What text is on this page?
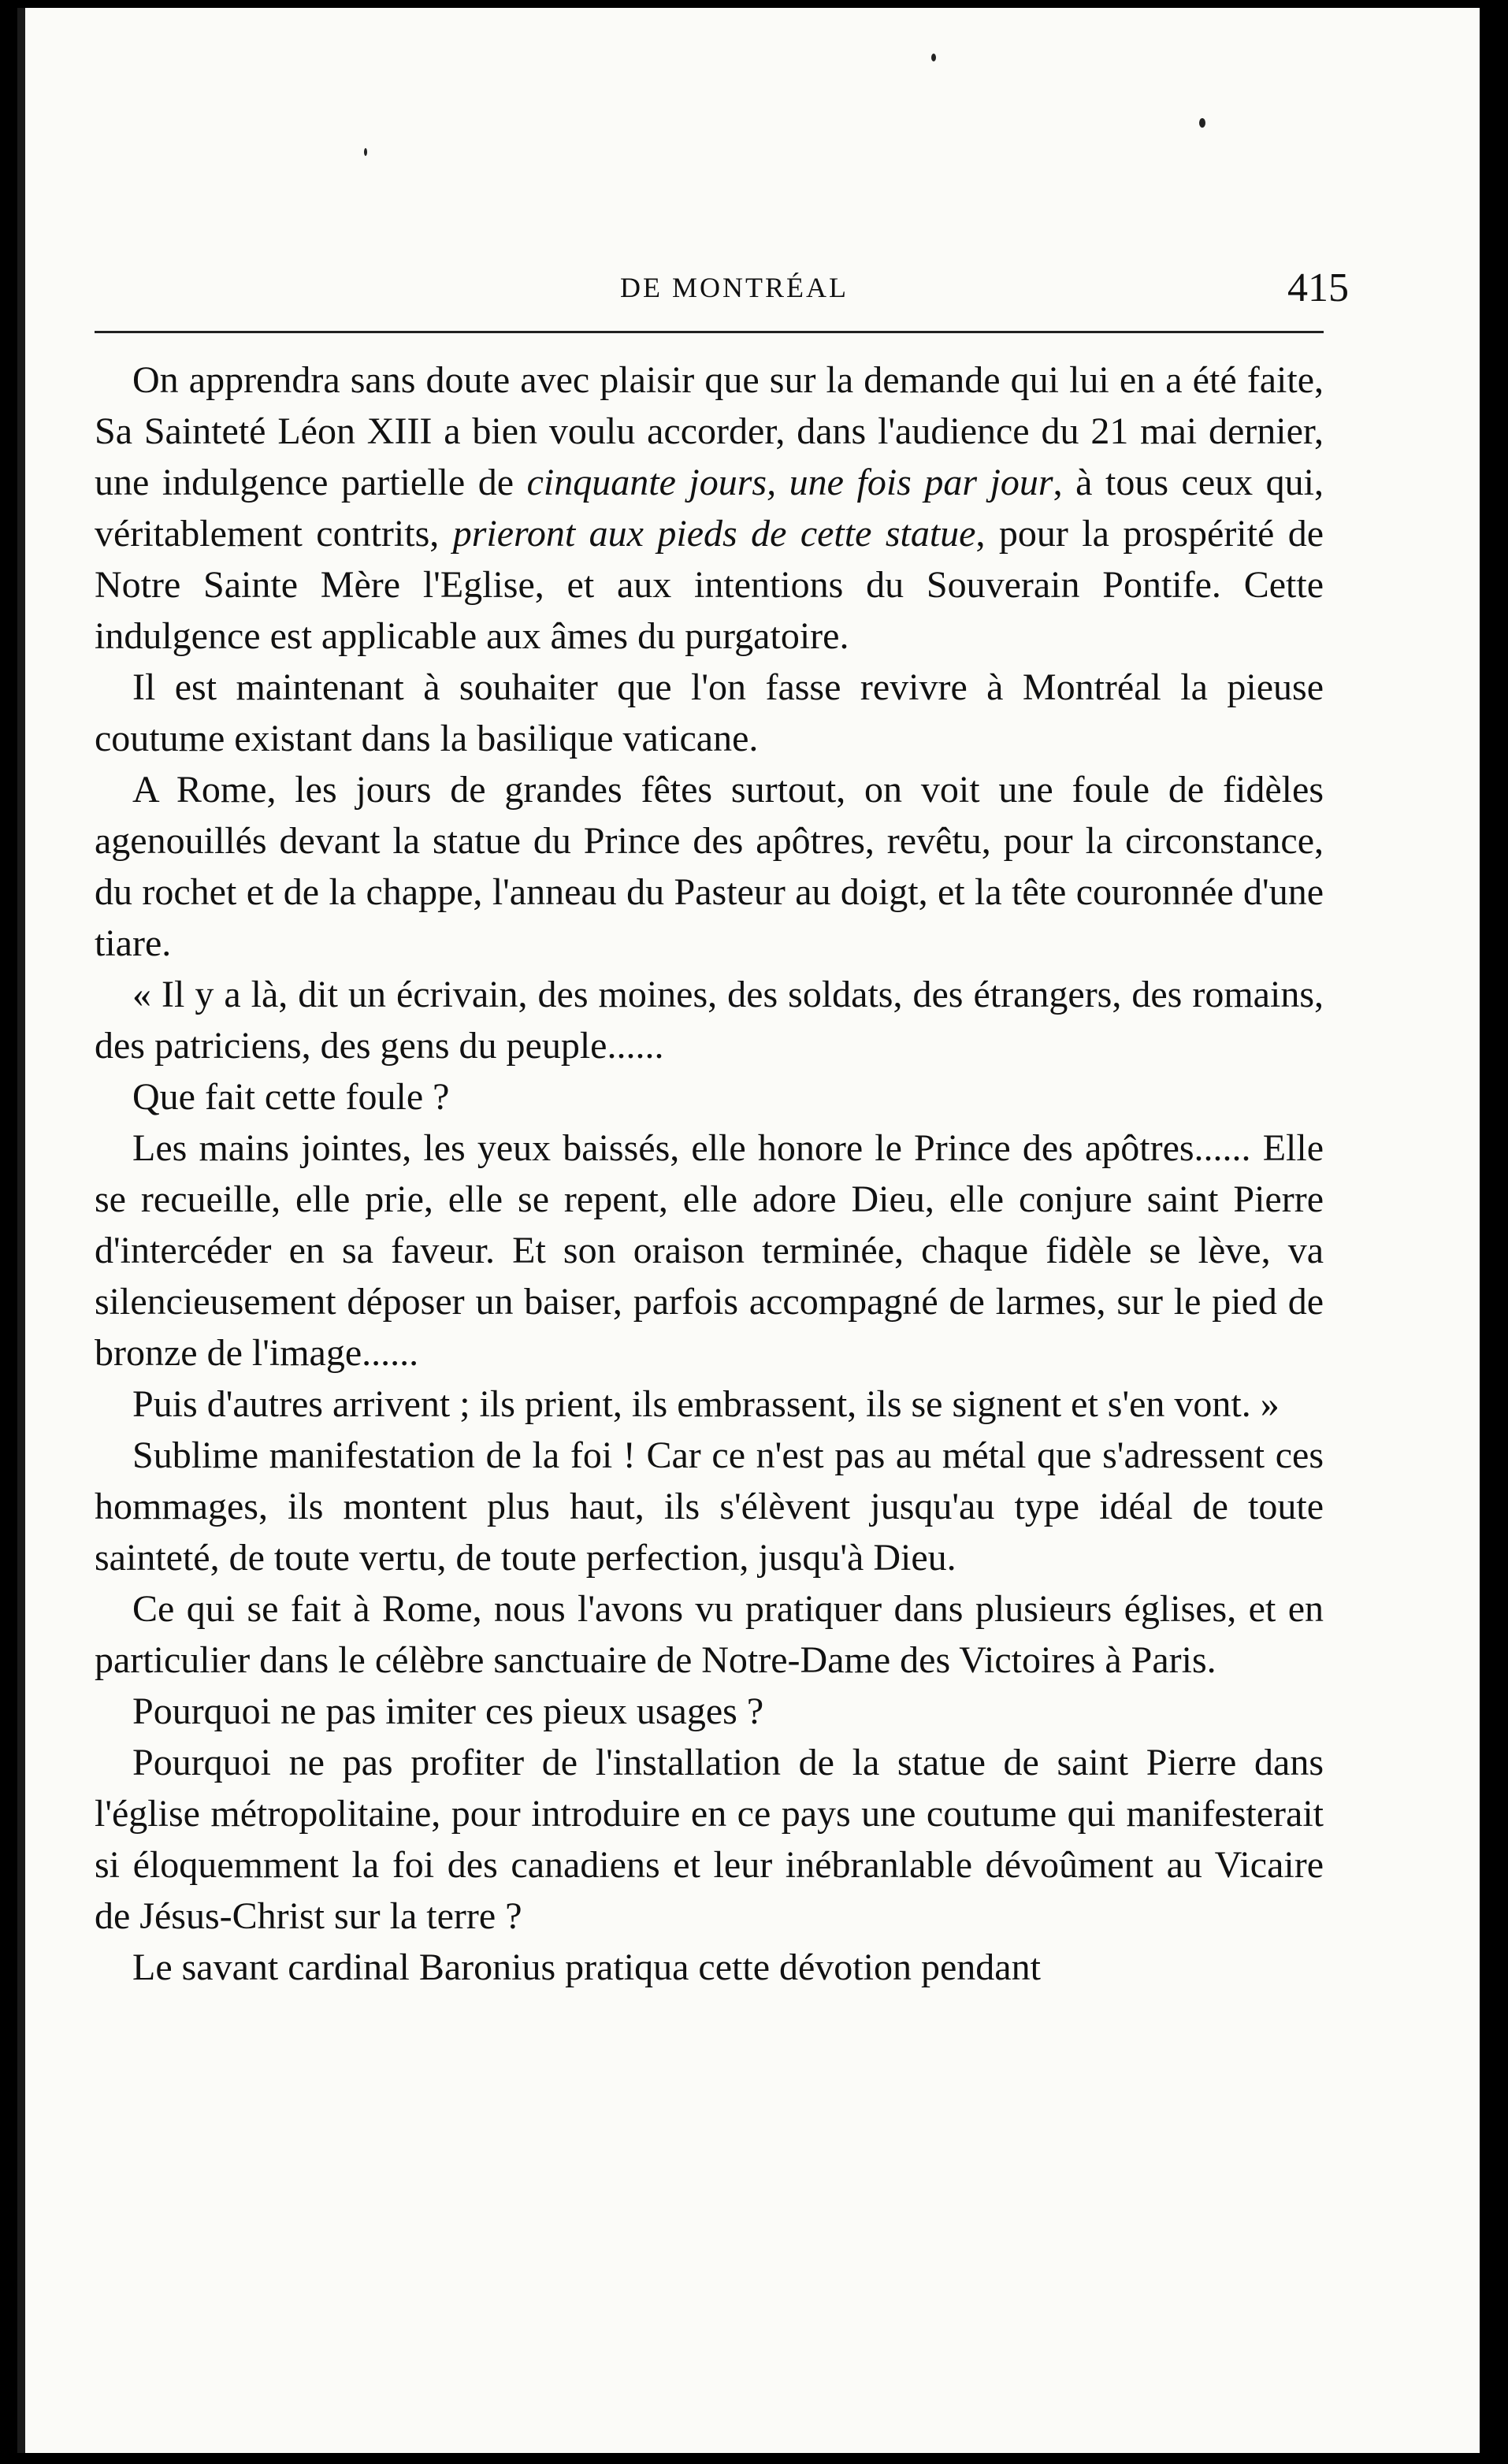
DE MONTRÉAL	415

On apprendra sans doute avec plaisir que sur la demande qui lui en a été faite, Sa Sainteté Léon XIII a bien voulu accorder, dans l'audience du 21 mai dernier, une indulgence partielle de cinquante jours, une fois par jour, à tous ceux qui, véritablement contrits, prieront aux pieds de cette statue, pour la prospérité de Notre Sainte Mère l'Eglise, et aux intentions du Souverain Pontife. Cette indulgence est applicable aux âmes du purgatoire.

Il est maintenant à souhaiter que l'on fasse revivre à Montréal la pieuse coutume existant dans la basilique vaticane.

A Rome, les jours de grandes fêtes surtout, on voit une foule de fidèles agenouillés devant la statue du Prince des apôtres, revêtu, pour la circonstance, du rochet et de la chappe, l'anneau du Pasteur au doigt, et la tête couronnée d'une tiare.

« Il y a là, dit un écrivain, des moines, des soldats, des étrangers, des romains, des patriciens, des gens du peuple......

Que fait cette foule ?

Les mains jointes, les yeux baissés, elle honore le Prince des apôtres...... Elle se recueille, elle prie, elle se repent, elle adore Dieu, elle conjure saint Pierre d'intercéder en sa faveur. Et son oraison terminée, chaque fidèle se lève, va silencieusement déposer un baiser, parfois accompagné de larmes, sur le pied de bronze de l'image......

Puis d'autres arrivent ; ils prient, ils embrassent, ils se signent et s'en vont. »

Sublime manifestation de la foi ! Car ce n'est pas au métal que s'adressent ces hommages, ils montent plus haut, ils s'élèvent jusqu'au type idéal de toute sainteté, de toute vertu, de toute perfection, jusqu'à Dieu.

Ce qui se fait à Rome, nous l'avons vu pratiquer dans plusieurs églises, et en particulier dans le célèbre sanctuaire de Notre-Dame des Victoires à Paris.

Pourquoi ne pas imiter ces pieux usages ?

Pourquoi ne pas profiter de l'installation de la statue de saint Pierre dans l'église métropolitaine, pour introduire en ce pays une coutume qui manifesterait si éloquemment la foi des canadiens et leur inébranlable dévoûment au Vicaire de Jésus-Christ sur la terre ?

Le savant cardinal Baronius pratiqua cette dévotion pendant
